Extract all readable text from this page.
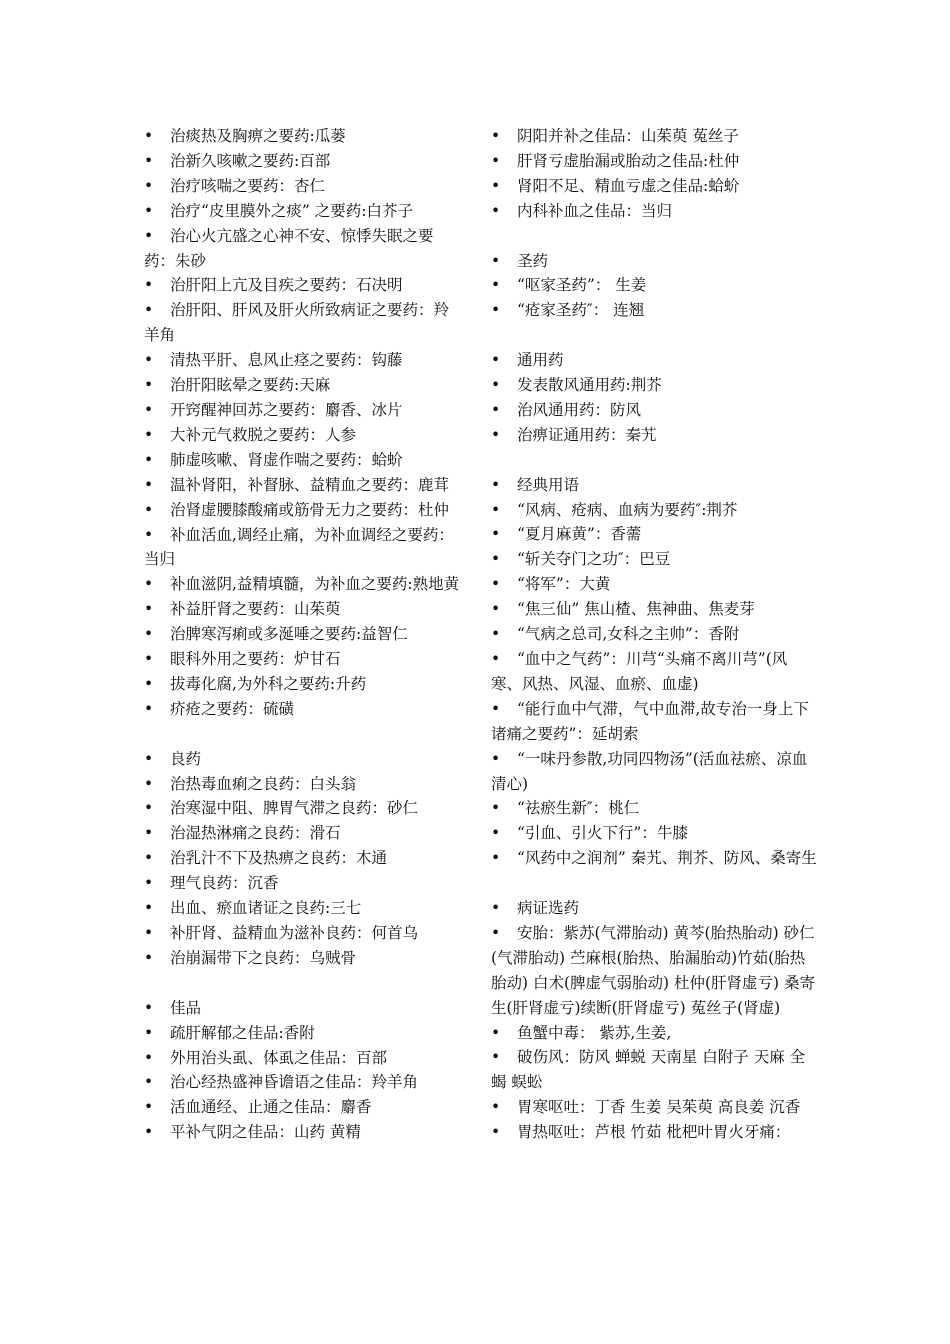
• 治痰热及胸痹之要药:瓜蒌
• 治新久咳嗽之要药:百部
• 治疗咳喘之要药：杏仁
• 治疗“皮里膜外之痰” 之要药:白芥子
• 治心火亢盛之心神不安、惊悸失眠之要药：朱砂
• 治肝阳上亢及目疾之要药：石决明
• 治肝阳、肝风及肝火所致病证之要药：羚羊角
• 清热平肝、息风止痉之要药：钩藤
• 治肝阳眩晕之要药:天麻
• 开窍醒神回苏之要药：麝香、冰片
• 大补元气救脱之要药：人参
• 肺虚咳嗽、肾虚作喘之要药：蛤蚧
• 温补肾阳，补督脉、益精血之要药：鹿茸
• 治肾虚腰膝酸痛或筋骨无力之要药：杜仲
• 补血活血,调经止痛，为补血调经之要药：当归
• 补血滋阴,益精填髓，为补血之要药:熟地黄
• 补益肝肾之要药：山茱萸
• 治脾寒泻痢或多涎唾之要药:益智仁
• 眼科外用之要药：炉甘石
• 拔毒化腐,为外科之要药:升药
• 疥疮之要药：硫磺
• 良药
• 治热毒血痢之良药：白头翁
• 治寒湿中阻、脾胃气滞之良药：砂仁
• 治湿热淋痛之良药：滑石
• 治乳汁不下及热痹之良药：木通
• 理气良药：沉香
• 出血、瘀血诸证之良药:三七
• 补肝肾、益精血为滋补良药：何首乌
• 治崩漏带下之良药：乌贼骨
• 佳品
• 疏肝解郁之佳品:香附
• 外用治头虱、体虱之佳品：百部
• 治心经热盛神昏谵语之佳品：羚羊角
• 活血通经、止通之佳品：麝香
• 平补气阴之佳品：山药 黄精
• 阴阳并补之佳品：山茱萸 菟丝子
• 肝肾亏虚胎漏或胎动之佳品:杜仲
• 肾阳不足、精血亏虚之佳品:蛤蚧
• 内科补血之佳品：当归
• 圣药
• “呕家圣药”： 生姜
• “疮家圣药″： 连翘
• 通用药
• 发表散风通用药:荆芥
• 治风通用药：防风
• 治痹证通用药：秦艽
• 经典用语
• “风病、疮病、血病为要药″:荆芥
• “夏月麻黄”：香薷
• “斩关夺门之功″：巴豆
• “将军”：大黄
• “焦三仙” 焦山楂、焦神曲、焦麦芽
• “气病之总司,女科之主帅”：香附
• “血中之气药”：川芎“头痛不离川芎”(风寒、风热、风湿、血瘀、血虚)
• “能行血中气滞，气中血滞,故专治一身上下诸痛之要药”：延胡索
• “一味丹参散,功同四物汤”(活血祛瘀、凉血清心)
• “祛瘀生新″：桃仁
• “引血、引火下行”：牛膝
• “风药中之润剂” 秦艽、荆芥、防风、桑寄生
• 病证选药
• 安胎：紫苏(气滞胎动) 黄芩(胎热胎动) 砂仁(气滞胎动) 苎麻根(胎热、胎漏胎动)竹茹(胎热胎动) 白术(脾虚气弱胎动) 杜仲(肝肾虚亏) 桑寄生(肝肾虚亏)续断(肝肾虚亏) 菟丝子(肾虚)
• 鱼蟹中毒： 紫苏,生姜,
• 破伤风：防风 蝉蜕 天南星 白附子 天麻 全蝎 蜈蚣
• 胃寒呕吐：丁香 生姜 吴茱萸 高良姜 沉香
• 胃热呕吐：芦根 竹茹 枇杷叶胃火牙痛：
